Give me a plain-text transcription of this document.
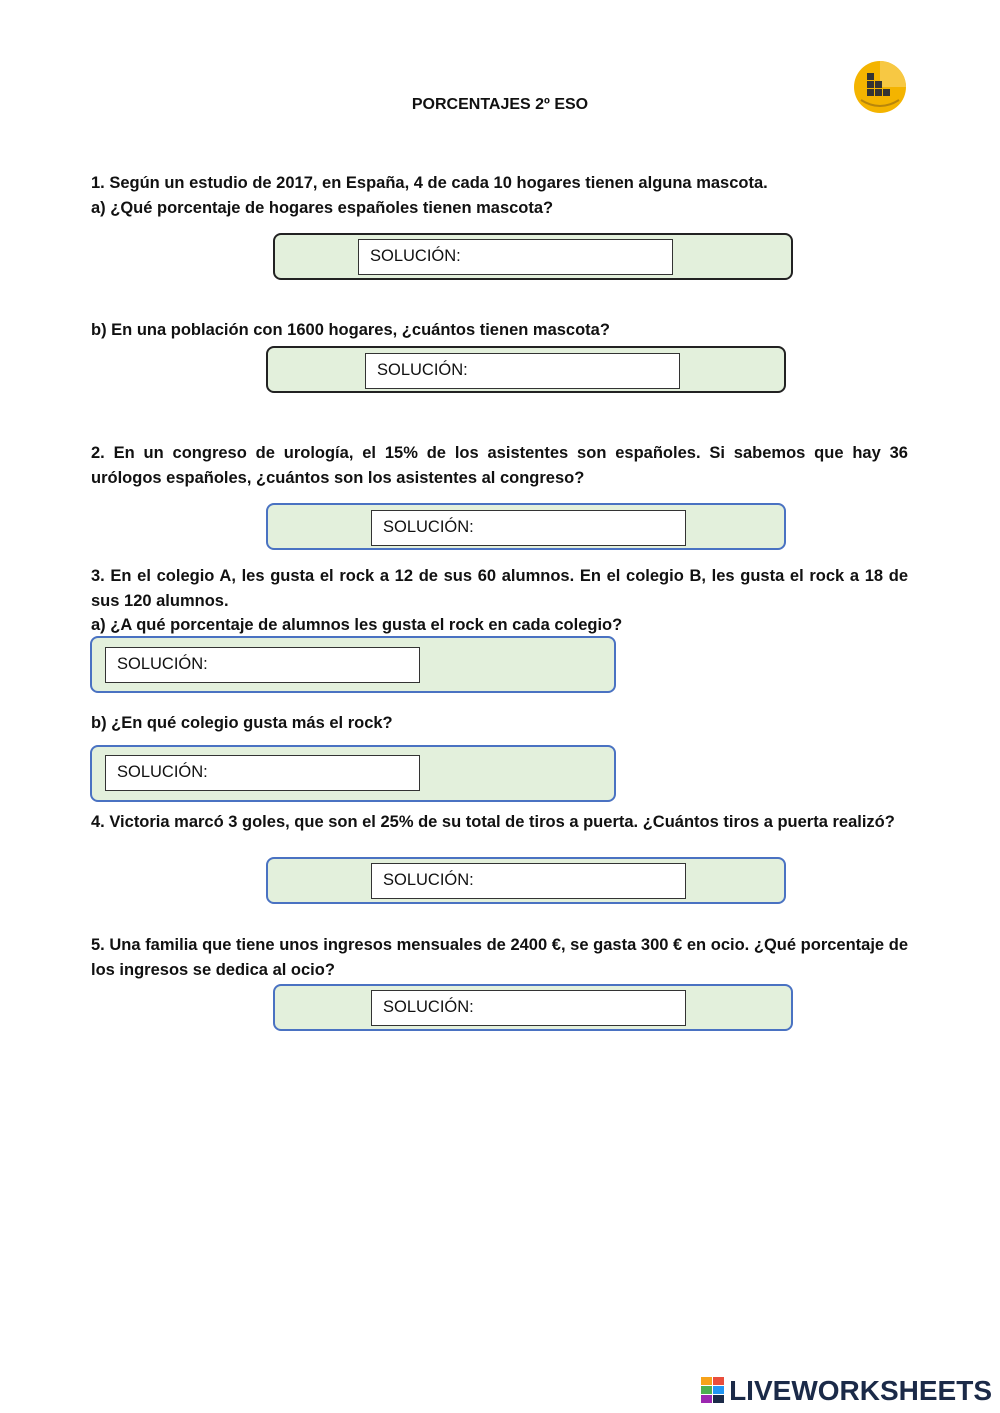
PORCENTAJES 2º ESO
1. Según un estudio de 2017, en España, 4 de cada 10 hogares tienen alguna mascota.
a) ¿Qué porcentaje de hogares españoles tienen mascota?
SOLUCIÓN:
b) En una población con 1600 hogares, ¿cuántos tienen mascota?
SOLUCIÓN:
2. En un congreso de urología, el 15% de los asistentes son españoles. Si sabemos que hay 36 urólogos españoles, ¿cuántos son los asistentes al congreso?
SOLUCIÓN:
3. En el colegio A, les gusta el rock a 12 de sus 60 alumnos. En el colegio B, les gusta el rock a 18 de sus 120 alumnos.
a) ¿A qué porcentaje de alumnos les gusta el rock en cada colegio?
SOLUCIÓN:
b) ¿En qué colegio gusta más el rock?
SOLUCIÓN:
4. Victoria marcó 3 goles, que son el 25% de su total de tiros a puerta. ¿Cuántos tiros a puerta realizó?
SOLUCIÓN:
5. Una familia que tiene unos ingresos mensuales de 2400 €, se gasta 300 € en ocio. ¿Qué porcentaje de los ingresos se dedica al ocio?
SOLUCIÓN:
LIVEWORKSHEETS
